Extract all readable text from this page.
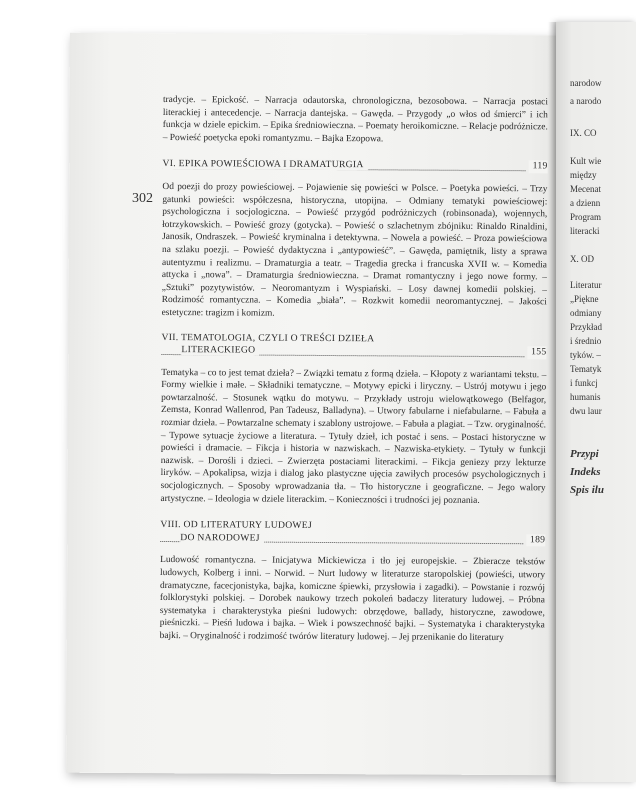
302

tradycje. – Epickość. – Narracja odautorska, chronologiczna, bezosobowa. – Narracja postaci literackiej i antecedencje. – Narracja dantejska. – Gawęda. – Przygody „o włos od śmierci” i ich funkcja w dziele epickim. – Epika średniowieczna. – Poematy heroikomiczne. – Relacje podróżnicze. – Powieść poetycka epoki romantyzmu. – Bajka Ezopowa.

VI. EPIKA POWIEŚCIOWA I DRAMATURGIA	119

Od poezji do prozy powieściowej. – Pojawienie się powieści w Polsce. – Poetyka powieści. – Trzy gatunki powieści: współczesna, historyczna, utopijna. – Odmiany tematyki powieściowej: psychologiczna i socjologiczna. – Powieść przygód podróżniczych (robinsonada), wojennych, łotrzykowskich. – Powieść grozy (gotycka). – Powieść o szlachetnym zbójniku: Rinaldo Rinaldini, Janosik, Ondraszek. – Powieść kryminalna i detektywna. – Nowela a powieść. – Proza powieściowa na szlaku poezji. – Powieść dydaktyczna i „antypowieść”. – Gawęda, pamiętnik, listy a sprawa autentyzmu i realizmu. – Dramaturgia a teatr. – Tragedia grecka i francuska XVII w. – Komedia attycka i „nowa”. – Dramaturgia średniowieczna. – Dramat romantyczny i jego nowe formy. – „Sztuki” pozytywistów. – Neoromantyzm i Wyspiański. – Losy dawnej komedii polskiej. – Rodzimość romantyczna. – Komedia „biała”. – Rozkwit komedii neoromantycznej. – Jakości estetyczne: tragizm i komizm.

VII. TEMATOLOGIA, CZYLI O TREŚCI DZIEŁA
LITERACKIEGO	155

Tematyka – co to jest temat dzieła? – Związki tematu z formą dzieła. – Kłopoty z wariantami tekstu. – Formy wielkie i małe. – Składniki tematyczne. – Motywy epicki i liryczny. – Ustrój motywu i jego powtarzalność. – Stosunek wątku do motywu. – Przykłady ustroju wielowątkowego (Belfagor, Zemsta, Konrad Wallenrod, Pan Tadeusz, Balladyna). – Utwory fabularne i niefabularne. – Fabuła a rozmiar dzieła. – Powtarzalne schematy i szablony ustrojowe. – Fabuła a plagiat. – Tzw. oryginalność. – Typowe sytuacje życiowe a literatura. – Tytuły dzieł, ich postać i sens. – Postaci historyczne w powieści i dramacie. – Fikcja i historia w nazwiskach. – Nazwiska-etykiety. – Tytuły w funkcji nazwisk. – Dorośli i dzieci. – Zwierzęta postaciami literackimi. – Fikcja geniezy przy lekturze liryków. – Apokalipsa, wizja i dialog jako plastyczne ujęcia zawiłych procesów psychologicznych i socjologicznych. – Sposoby wprowadzania tła. – Tło historyczne i geograficzne. – Jego walory artystyczne. – Ideologia w dziele literackim. – Konieczności i trudności jej poznania.

VIII. OD LITERATURY LUDOWEJ
DO NARODOWEJ	189

Ludowość romantyczna. – Inicjatywa Mickiewicza i tło jej europejskie. – Zbieracze tekstów ludowych, Kolberg i inni. – Norwid. – Nurt ludowy w literaturze staropolskiej (powieści, utwory dramatyczne, facecjonistyka, bajka, komiczne śpiewki, przysłowia i zagadki). – Powstanie i rozwój folklorystyki polskiej. – Dorobek naukowy trzech pokoleń badaczy literatury ludowej. – Próbna systematyka i charakterystyka pieśni ludowych: obrzędowe, ballady, historyczne, zawodowe, pieśniczki. – Pieśń ludowa i bajka. – Wiek i powszechność bajki. – Systematyka i charakterystyka bajki. – Oryginalność i rodzimość twórów literatury ludowej. – Jej przenikanie do literatury

narodow
a narodo
IX. CO
Kult wie
między
Mecenat
a dzienn
Program
literacki
X. OD
Literatur
„Piękne
odmiany
Przykład
i średnio
tyków. –
Tematyk
i funkcj
humanis
dwu laur
Przypi
Indeks
Spis ilu
